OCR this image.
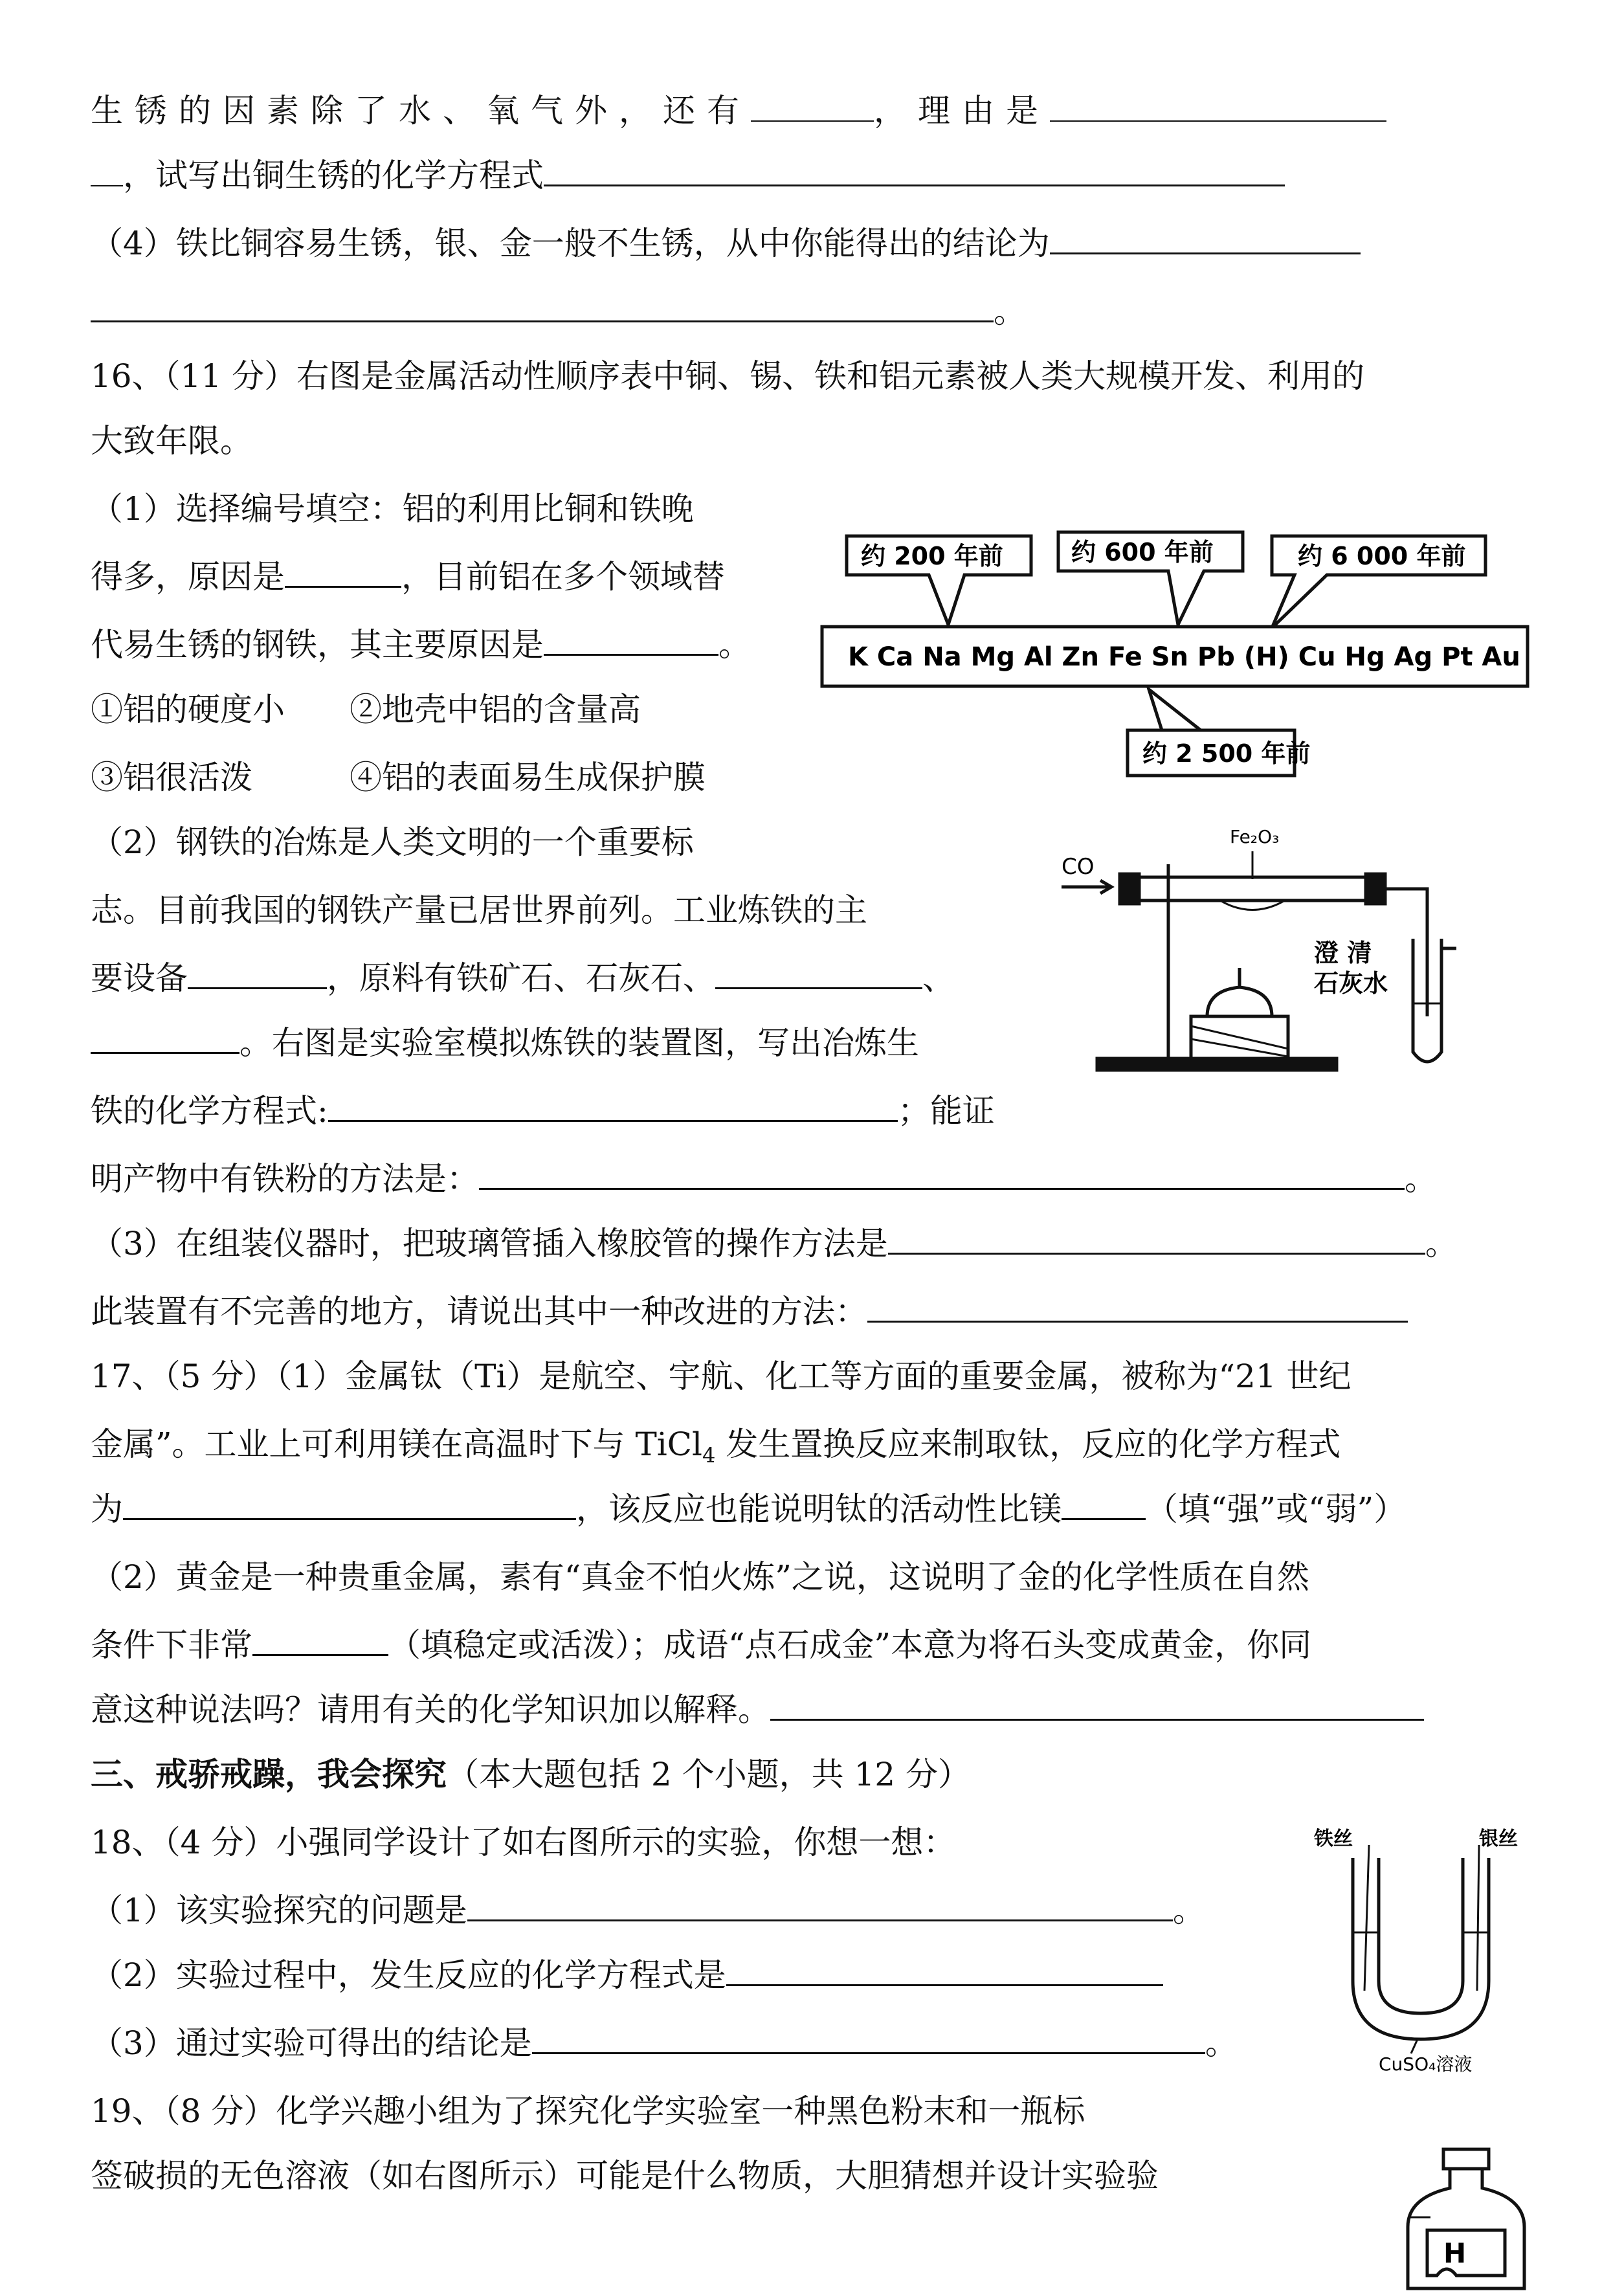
生锈的因素除了水、氧气外，还有	，理由是

，试写出铜生锈的化学方程式

（4）铁比铜容易生锈，银、金一般不生锈，从中你能得出的结论为

。

16、（11 分）右图是金属活动性顺序表中铜、锡、铁和铝元素被人类大规模开发、利用的

大致年限。

（1）选择编号填空：铝的利用比铜和铁晚

得多，原因是	，目前铝在多个领域替

代易生锈的钢铁，其主要原因是	。

①铝的硬度小 ②地壳中铝的含量高

③铝很活泼	④铝的表面易生成保护膜

（2）钢铁的冶炼是人类文明的一个重要标

志。目前我国的钢铁产量已居世界前列。工业炼铁的主

要设备	，原料有铁矿石、石灰石、	、

。右图是实验室模拟炼铁的装置图，写出冶炼生

铁的化学方程式:	；能证

明产物中有铁粉的方法是：	。

（3）在组装仪器时，把玻璃管插入橡胶管的操作方法是	。

此装置有不完善的地方，请说出其中一种改进的方法：

17、（5 分）（1）金属钛（Ti）是航空、宇航、化工等方面的重要金属，被称为“21 世纪

金属”。工业上可利用镁在高温时下与 TiCl$_4$ 发生置换反应来制取钛，反应的化学方程式

为	，该反应也能说明钛的活动性比镁	（填“强”或“弱”）

（2）黄金是一种贵重金属，素有“真金不怕火炼”之说，这说明了金的化学性质在自然

条件下非常	（填稳定或活泼）；成语“点石成金”本意为将石头变成黄金，你同

意这种说法吗？请用有关的化学知识加以解释。

三、戒骄戒躁，我会探究（本大题包括 2 个小题，共 12 分）

18、（4 分）小强同学设计了如右图所示的实验，你想一想：

（1）该实验探究的问题是	。

（2）实验过程中，发生反应的化学方程式是

（3）通过实验可得出的结论是	。

19、（8 分）化学兴趣小组为了探究化学实验室一种黑色粉末和一瓶标

签破损的无色溶液（如右图所示）可能是什么物质，大胆猜想并设计实验验

约 200 年前	约 600 年前	约 6 000 年前
K Ca Na Mg Al Zn Fe Sn Pb (H) Cu Hg Ag Pt Au
约 2 500 年前
CO
Fe₂O₃
澄 清
石灰水
铁丝	银丝
CuSO₄溶液
H
